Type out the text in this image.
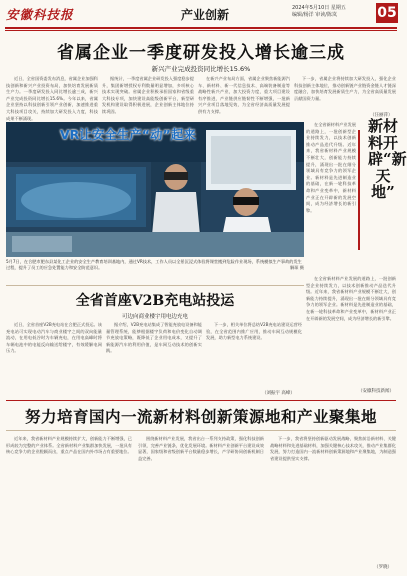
安徽科技报	产业创新	2024年5月10日 星期五
编辑/杨洋 审读/陈岚	05
省属企业一季度研发投入增长逾三成
新兴产业完成投资同比增长15.6%

近日，全省国资委发布消息，省属企业加强科技创新和新兴产业投资布局，加快培育发展新质生产力。一季度研发投入同比增长逾三成，新兴产业完成投资同比增长15.6%。今年以来，省属企业坚持以科技创新引领产业创新，加速推进重大科技项目攻关，持续加大研发投入力度，科技成果不断涌现。

据统计，一季度省属企业研发投入强度稳步提升，集团新增授权专利数量明显增加，多项核心技术实现突破。省属企业积极承担国家和省级重大科技专项，加快建设高能级创新平台，新型研发机构建设取得积极进展，企业创新主体地位持续巩固。

在新兴产业布局方面，省属企业聚焦新能源汽车、新材料、新一代信息技术、高端装备制造等战略性新兴产业，加大投资力度，重大项目建设有序推进，产业链供应链韧性不断增强，一批新兴产业项目落地见效，为全省经济高质量发展提供有力支撑。

下一步，省属企业将持续加大研发投入，强化企业科技创新主体地位，推动创新链产业链资金链人才链深度融合，加快培育发展新质生产力，为全省高质量发展贡献国资力量。

（汪丽萍）
VR让安全生产“动”起来
5月7日，在合肥市肥东县某化工企业的安全生产教育培训基地内，通过VR技术，工作人员以全景沉浸式体验将课堂搬到危险作业现场，系统模拟生产事故的发生过程，提升了员工的应急处置能力和安全防范意识。	解琛 摄

在全省新材料产业发展的道路上，一批创新型企业持续发力，以技术创新推动产品迭代升级。近年来，我省新材料产业规模不断壮大，创新能力持续提升，涌现出一批在细分领域具有竞争力的领军企业。新材料是先进制造业的基础，在新一轮科技革命和产业变革中，新材料产业正在开辟新的发展空间，成为经济增长的新引擎。

新材料开辟“新天地”

在全省新材料产业发展的道路上，一批创新型企业持续发力，以技术创新推动产品迭代升级。近年来，我省新材料产业规模不断壮大，创新能力持续提升，涌现出一批在细分领域具有竞争力的领军企业。新材料是先进制造业的基础，在新一轮科技革命和产业变革中，新材料产业正在开辟新的发展空间，成为经济增长的新引擎。

（安徽科技新闻）
全省首座V2B充电站投运
可边向商业楼宇用电边充电

近日，全省首座V2B充电站在合肥正式投运。该充电站可实现电动汽车与商业楼宇之间的双向能量流动，在用电低谷时为车辆充电，在用电高峰时将车辆电池中的电能反向输送给楼宇，有效缓解电网压力。

据介绍，V2B充电站集成了智能充放电设备和能量管理系统，能够根据楼宇负荷和电价变化自动调节充放电策略，既降低了企业用电成本，又提升了新能源汽车的利用价值，是车网互动技术的创新实践。

下一步，相关单位将总结V2B充电站建设运营经验，在全省范围内推广应用，推动车网互动规模化发展，助力新型电力系统建设。

（刘振宇 高峰）
努力培育国内一流新材料创新策源地和产业聚集地

近年来，我省新材料产业规模持续扩大，创新能力不断增强，已形成较为完整的产业体系。全省新材料产业集群加快发展，一批具有核心竞争力的企业脱颖而出，重点产品在国内外市场占有重要地位。

围绕新材料产业发展，我省出台一系列支持政策，强化科技创新引领，完善产业链条，优化发展环境。新材料产业创新平台建设成效显著，国家级和省级创新平台数量稳步增长，产学研协同创新机制日益完善。

下一步，我省将坚持创新驱动发展战略，聚焦前沿新材料、关键战略材料和先进基础材料，加强关键核心技术攻关，推动产业集群化发展，努力打造国内一流新材料创新策源地和产业聚集地，为制造强省建设提供坚实支撑。

（罗晓）
